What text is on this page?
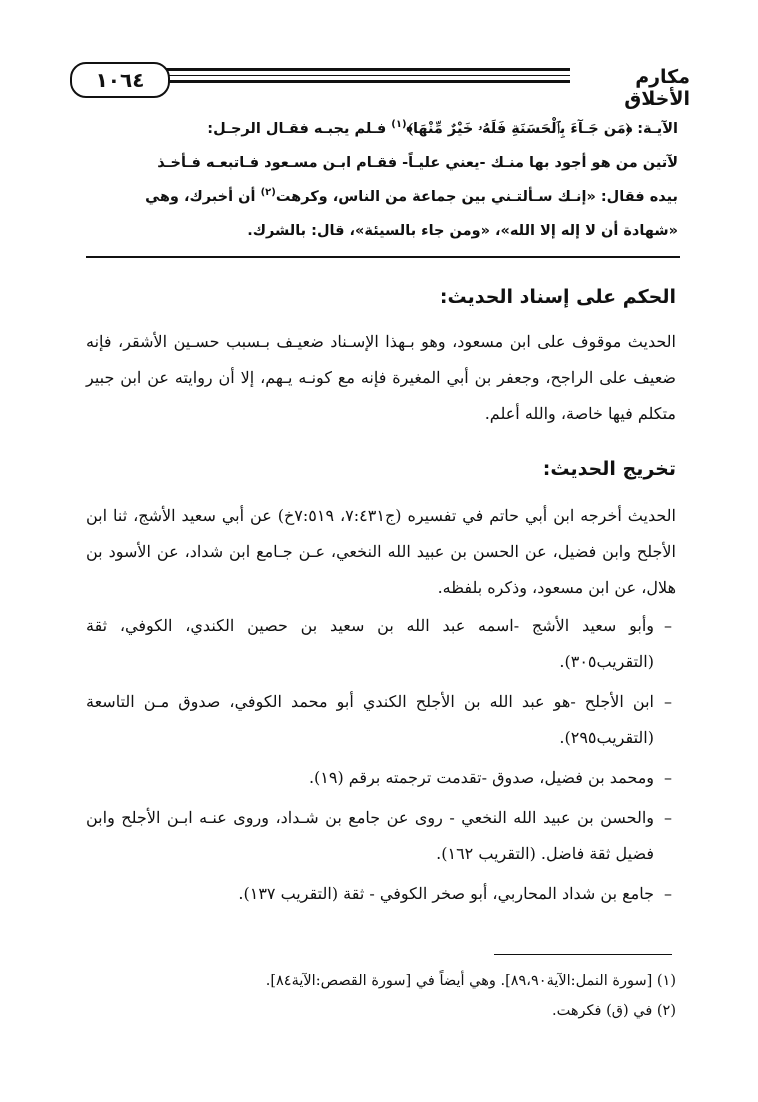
١٠٦٤	مكارم الأخلاق

الآيـة: ﴿مَن جَـآءَ بِٱلْحَسَنَةِ فَلَهُۥ خَيْرٌ مِّنْهَا﴾$^{(١)}$ فـلم يجبـه فقـال الرجـل:

لآتين من هو أجود بها منـك -يعني عليـاً- فقـام ابـن مسـعود فـاتبعـه فـأخـذ

بيده فقال: «إنـك سـألتـني بين جماعة من الناس، وكرهت$^{(٢)}$ أن أخبرك، وهي

«شهادة أن لا إله إلا الله»، «ومن جاء بالسيئة»، قال: بالشرك.

الحكم على إسناد الحديث:

الحديث موقوف على ابن مسعود، وهو بـهذا الإسـناد ضعيـف بـسبب حسـين الأشقر، فإنه ضعيف على الراجح، وجعفر بن أبي المغيرة فإنه مع كونـه يـهم، إلا أن روايته عن ابن جبير متكلم فيها خاصة، والله أعلم.

تخريج الحديث:

الحديث أخرجه ابن أبي حاتم في تفسيره (ج٧:٤٣١، ٧:٥١٩خ) عن أبي سعيد الأشج، ثنا ابن الأجلح وابن فضيل، عن الحسن بن عبيد الله النخعي، عـن جـامع ابن شداد، عن الأسود بن هلال، عن ابن مسعود، وذكره بلفظه.

–
وأبو سعيد الأشج -اسمه عبد الله بن سعيد بن حصين الكندي، الكوفي، ثقة (التقريب٣٠٥).
–
ابن الأجلح -هو عبد الله بن الأجلح الكندي أبو محمد الكوفي، صدوق مـن التاسعة (التقريب٢٩٥).
–
ومحمد بن فضيل، صدوق -تقدمت ترجمته برقم (١٩).
–
والحسن بن عبيد الله النخعي - روى عن جامع بن شـداد، وروى عنـه ابـن الأجلح وابن فضيل ثقة فاضل. (التقريب ١٦٢).
–
جامع بن شداد المحاربي، أبو صخر الكوفي - ثقة (التقريب ١٣٧).

(١) [سورة النمل:الآية٨٩،٩٠]. وهي أيضاً في [سورة القصص:الآية٨٤].

(٢) في (ق) فكرهت.
